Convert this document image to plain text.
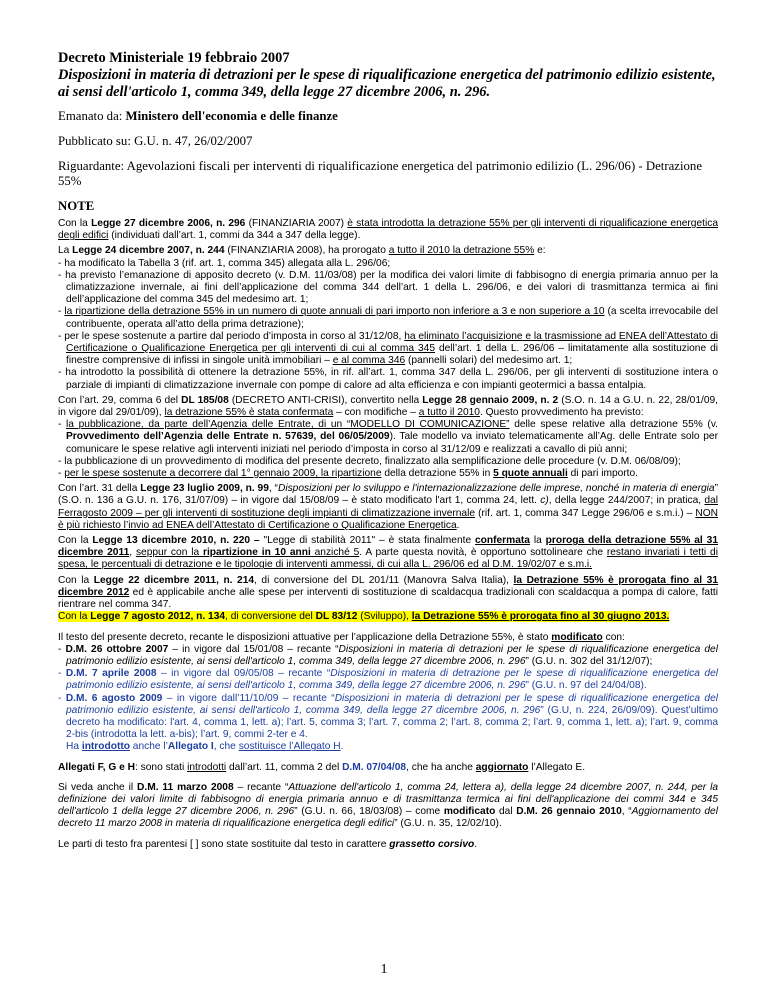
Decreto Ministeriale 19 febbraio 2007
Disposizioni in materia di detrazioni per le spese di riqualificazione energetica del patrimonio edilizio esistente, ai sensi dell'articolo 1, comma 349, della legge 27 dicembre 2006, n. 296.

Emanato da: Ministero dell'economia e delle finanze

Pubblicato su: G.U. n. 47, 26/02/2007

Riguardante: Agevolazioni fiscali per interventi di riqualificazione energetica del patrimonio edilizio (L. 296/06) - Detrazione 55%

NOTE

Con la Legge 27 dicembre 2006, n. 296 (FINANZIARIA 2007) è stata introdotta la detrazione 55% per gli interventi di riqualificazione energetica degli edifici (individuati dall’art. 1, commi da 344 a 347 della legge).

La Legge 24 dicembre 2007, n. 244 (FINANZIARIA 2008), ha prorogato a tutto il 2010 la detrazione 55% e:

- ha modificato la Tabella 3 (rif. art. 1, comma 345) allegata alla L. 296/06;

- ha previsto l’emanazione di apposito decreto (v. D.M. 11/03/08) per la modifica dei valori limite di fabbisogno di energia primaria annuo per la climatizzazione invernale, ai fini dell’applicazione del comma 344 dell’art. 1 della L. 296/06, e dei valori di trasmittanza termica ai fini dell’applicazione del comma 345 del medesimo art. 1;

- la ripartizione della detrazione 55% in un numero di quote annuali di pari importo non inferiore a 3 e non superiore a 10 (a scelta irrevocabile del contribuente, operata all’atto della prima detrazione);

- per le spese sostenute a partire dal periodo d’imposta in corso al 31/12/08, ha eliminato l’acquisizione e la trasmissione ad ENEA dell’Attestato di Certificazione o Qualificazione Energetica per gli interventi di cui al comma 345 dell’art. 1 della L. 296/06 – limitatamente alla sostituzione di finestre comprensive di infissi in singole unità immobiliari – e al comma 346 (pannelli solari) del medesimo art. 1;

- ha introdotto la possibilità di ottenere la detrazione 55%, in rif. all’art. 1, comma 347 della L. 296/06, per gli interventi di sostituzione intera o parziale di impianti di climatizzazione invernale con pompe di calore ad alta efficienza e con impianti geotermici a bassa entalpia.

Con l’art. 29, comma 6 del DL 185/08 (DECRETO ANTI-CRISI), convertito nella Legge 28 gennaio 2009, n. 2 (S.O. n. 14 a G.U. n. 22, 28/01/09, in vigore dal 29/01/09), la detrazione 55% è stata confermata – con modifiche – a tutto il 2010. Questo provvedimento ha previsto:

- la pubblicazione, da parte dell’Agenzia delle Entrate, di un “MODELLO DI COMUNICAZIONE” delle spese relative alla detrazione 55% (v. Provvedimento dell’Agenzia delle Entrate n. 57639, del 06/05/2009). Tale modello va inviato telematicamente all’Ag. delle Entrate solo per comunicare le spese relative agli interventi iniziati nel periodo d’imposta in corso al 31/12/09 e realizzati a cavallo di più anni;

- la pubblicazione di un provvedimento di modifica del presente decreto, finalizzato alla semplificazione delle procedure (v. D.M. 06/08/09);

- per le spese sostenute a decorrere dal 1° gennaio 2009, la ripartizione della detrazione 55% in 5 quote annuali di pari importo.

Con l’art. 31 della Legge 23 luglio 2009, n. 99, “Disposizioni per lo sviluppo e l'internazionalizzazione delle imprese, nonché in materia di energia” (S.O. n. 136 a G.U. n. 176, 31/07/09) – in vigore dal 15/08/09 – è stato modificato l'art 1, comma 24, lett. c), della legge 244/2007; in pratica, dal Ferragosto 2009 – per gli interventi di sostituzione degli impianti di climatizzazione invernale (rif. art. 1, comma 347 Legge 296/06 e s.m.i.) – NON è più richiesto l’invio ad ENEA dell’Attestato di Certificazione o Qualificazione Energetica.

Con la Legge 13 dicembre 2010, n. 220 – "Legge di stabilità 2011" – è stata finalmente confermata la proroga della detrazione 55% al 31 dicembre 2011, seppur con la ripartizione in 10 anni anziché 5. A parte questa novità, è opportuno sottolineare che restano invariati i tetti di spesa, le percentuali di detrazione e le tipologie di interventi ammessi, di cui alla L. 296/06 ed al D.M. 19/02/07 e s.m.i.

Con la Legge 22 dicembre 2011, n. 214, di conversione del DL 201/11 (Manovra Salva Italia), la Detrazione 55% è prorogata fino al 31 dicembre 2012 ed è applicabile anche alle spese per interventi di sostituzione di scaldacqua tradizionali con scaldacqua a pompa di calore, fatti rientrare nel comma 347.

Con la Legge 7 agosto 2012, n. 134, di conversione del DL 83/12 (Sviluppo), la Detrazione 55% è prorogata fino al 30 giugno 2013.

Il testo del presente decreto, recante le disposizioni attuative per l’applicazione della Detrazione 55%, è stato modificato con:

- D.M. 26 ottobre 2007 – in vigore dal 15/01/08 – recante “Disposizioni in materia di detrazioni per le spese di riqualificazione energetica del patrimonio edilizio esistente, ai sensi dell'articolo 1, comma 349, della legge 27 dicembre 2006, n. 296” (G.U. n. 302 del 31/12/07);

- D.M. 7 aprile 2008 – in vigore dal 09/05/08 – recante “Disposizioni in materia di detrazione per le spese di riqualificazione energetica del patrimonio edilizio esistente, ai sensi dell'articolo 1, comma 349, della legge 27 dicembre 2006, n. 296” (G.U. n. 97 del 24/04/08).

- D.M. 6 agosto 2009 – in vigore dall’11/10/09 – recante “Disposizioni in materia di detrazioni per le spese di riqualificazione energetica del patrimonio edilizio esistente, ai sensi dell'articolo 1, comma 349, della legge 27 dicembre 2006, n. 296” (G.U, n. 224, 26/09/09). Quest’ultimo decreto ha modificato: l'art. 4, comma 1, lett. a); l’art. 5, comma 3; l’art. 7, comma 2; l’art. 8, comma 2; l’art. 9, comma 1, lett. a); l’art. 9, comma 2-bis (introdotta la lett. a-bis); l’art. 9, commi 2-ter e 4.
Ha introdotto anche l’Allegato I, che sostituisce l’Allegato H.

Allegati F, G e H: sono stati introdotti dall’art. 11, comma 2 del D.M. 07/04/08, che ha anche aggiornato l’Allegato E.

Si veda anche il D.M. 11 marzo 2008 – recante “Attuazione dell'articolo 1, comma 24, lettera a), della legge 24 dicembre 2007, n. 244, per la definizione dei valori limite di fabbisogno di energia primaria annuo e di trasmittanza termica ai fini dell'applicazione dei commi 344 e 345 dell'articolo 1 della legge 27 dicembre 2006, n. 296” (G.U. n. 66, 18/03/08) – come modificato dal D.M. 26 gennaio 2010, “Aggiornamento del decreto 11 marzo 2008 in materia di riqualificazione energetica degli edifici” (G.U. n. 35, 12/02/10).

Le parti di testo fra parentesi [ ] sono state sostituite dal testo in carattere grassetto corsivo.

1
